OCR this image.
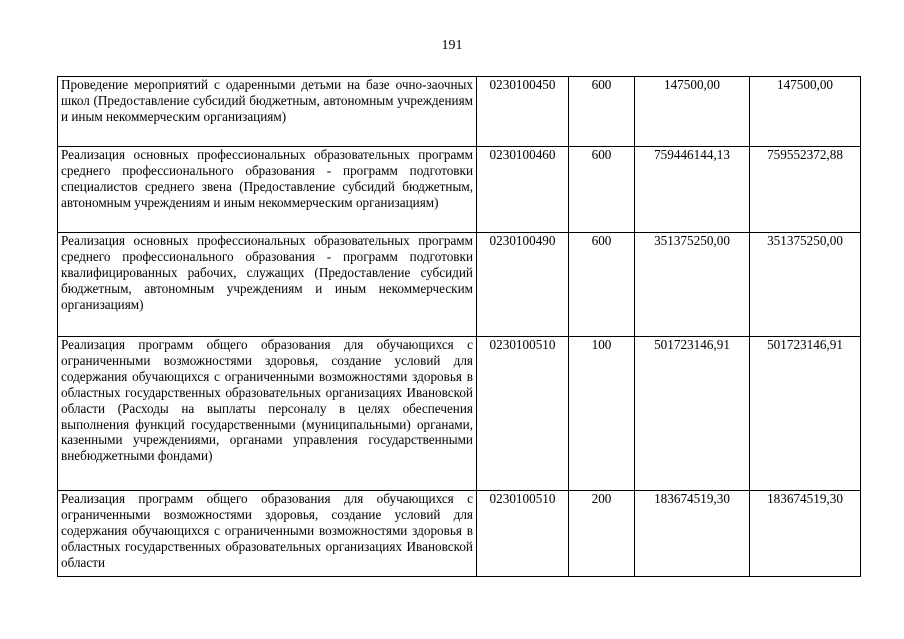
191
Проведение мероприятий с одаренными детьми на базе очно-заочных школ (Предоставление субсидий бюджетным, автономным учреждениям и иным некоммерческим организациям)	0230100450	600	147500,00	147500,00
Реализация основных профессиональных образовательных программ среднего профессионального образования - программ подготовки специалистов среднего звена (Предоставление субсидий бюджетным, автономным учреждениям и иным некоммерческим организациям)	0230100460	600	759446144,13	759552372,88
Реализация основных профессиональных образовательных программ среднего профессионального образования - программ подготовки квалифицированных рабочих, служащих (Предоставление субсидий бюджетным, автономным учреждениям и иным некоммерческим организациям)	0230100490	600	351375250,00	351375250,00
Реализация программ общего образования для обучающихся с ограниченными возможностями здоровья, создание условий для содержания обучающихся с ограниченными возможностями здоровья в областных государственных образовательных организациях Ивановской области (Расходы на выплаты персоналу в целях обеспечения выполнения функций государственными (муниципальными) органами, казенными учреждениями, органами управления государственными внебюджетными фондами)	0230100510	100	501723146,91	501723146,91
Реализация программ общего образования для обучающихся с ограниченными возможностями здоровья, создание условий для содержания обучающихся с ограниченными возможностями здоровья в областных государственных образовательных организациях Ивановской области	0230100510	200	183674519,30	183674519,30
